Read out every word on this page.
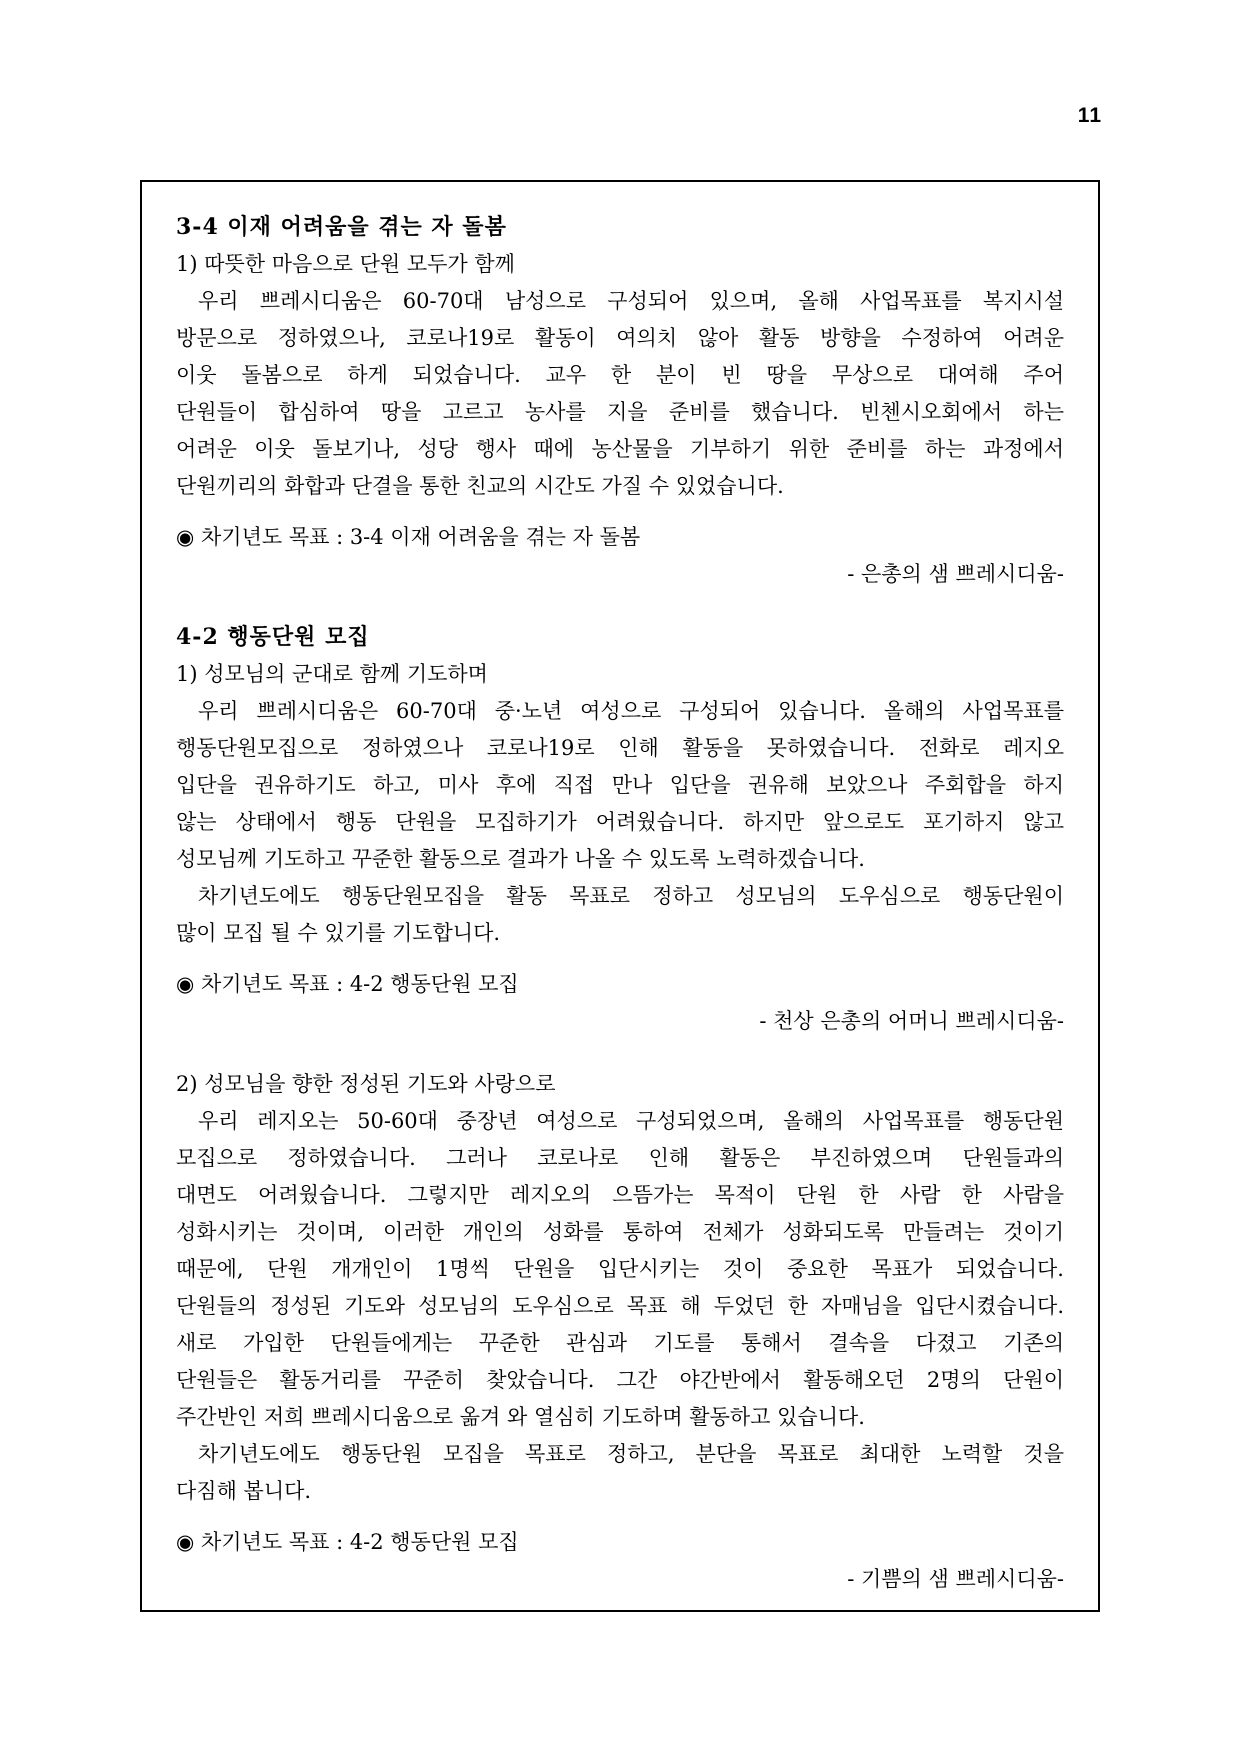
11
3-4 이재 어려움을 겪는 자 돌봄
1) 따뜻한 마음으로 단원 모두가 함께
우리 쁘레시디움은 60-70대 남성으로 구성되어 있으며, 올해 사업목표를 복지시설
방문으로 정하였으나, 코로나19로 활동이 여의치 않아 활동 방향을 수정하여 어려운
이웃 돌봄으로 하게 되었습니다. 교우 한 분이 빈 땅을 무상으로 대여해 주어
단원들이 합심하여 땅을 고르고 농사를 지을 준비를 했습니다. 빈첸시오회에서 하는
어려운 이웃 돌보기나, 성당 행사 때에 농산물을 기부하기 위한 준비를 하는 과정에서
단원끼리의 화합과 단결을 통한 친교의 시간도 가질 수 있었습니다.
◉ 차기년도 목표 : 3-4 이재 어려움을 겪는 자 돌봄
- 은총의 샘 쁘레시디움-
4-2 행동단원 모집
1) 성모님의 군대로 함께 기도하며
우리 쁘레시디움은 60-70대 중·노년 여성으로 구성되어 있습니다. 올해의 사업목표를
행동단원모집으로 정하였으나 코로나19로 인해 활동을 못하였습니다. 전화로 레지오
입단을 권유하기도 하고, 미사 후에 직접 만나 입단을 권유해 보았으나 주회합을 하지
않는 상태에서 행동 단원을 모집하기가 어려웠습니다. 하지만 앞으로도 포기하지 않고
성모님께 기도하고 꾸준한 활동으로 결과가 나올 수 있도록 노력하겠습니다.
차기년도에도 행동단원모집을 활동 목표로 정하고 성모님의 도우심으로 행동단원이
많이 모집 될 수 있기를 기도합니다.
◉ 차기년도 목표 : 4-2 행동단원 모집
- 천상 은총의 어머니 쁘레시디움-
2) 성모님을 향한 정성된 기도와 사랑으로
우리 레지오는 50-60대 중장년 여성으로 구성되었으며, 올해의 사업목표를 행동단원
모집으로 정하였습니다. 그러나 코로나로 인해 활동은 부진하였으며 단원들과의
대면도 어려웠습니다. 그렇지만 레지오의 으뜸가는 목적이 단원 한 사람 한 사람을
성화시키는 것이며, 이러한 개인의 성화를 통하여 전체가 성화되도록 만들려는 것이기
때문에, 단원 개개인이 1명씩 단원을 입단시키는 것이 중요한 목표가 되었습니다.
단원들의 정성된 기도와 성모님의 도우심으로 목표 해 두었던 한 자매님을 입단시켰습니다.
새로 가입한 단원들에게는 꾸준한 관심과 기도를 통해서 결속을 다졌고 기존의
단원들은 활동거리를 꾸준히 찾았습니다. 그간 야간반에서 활동해오던 2명의 단원이
주간반인 저희 쁘레시디움으로 옮겨 와 열심히 기도하며 활동하고 있습니다.
차기년도에도 행동단원 모집을 목표로 정하고, 분단을 목표로 최대한 노력할 것을
다짐해 봅니다.
◉ 차기년도 목표 : 4-2 행동단원 모집
- 기쁨의 샘 쁘레시디움-
